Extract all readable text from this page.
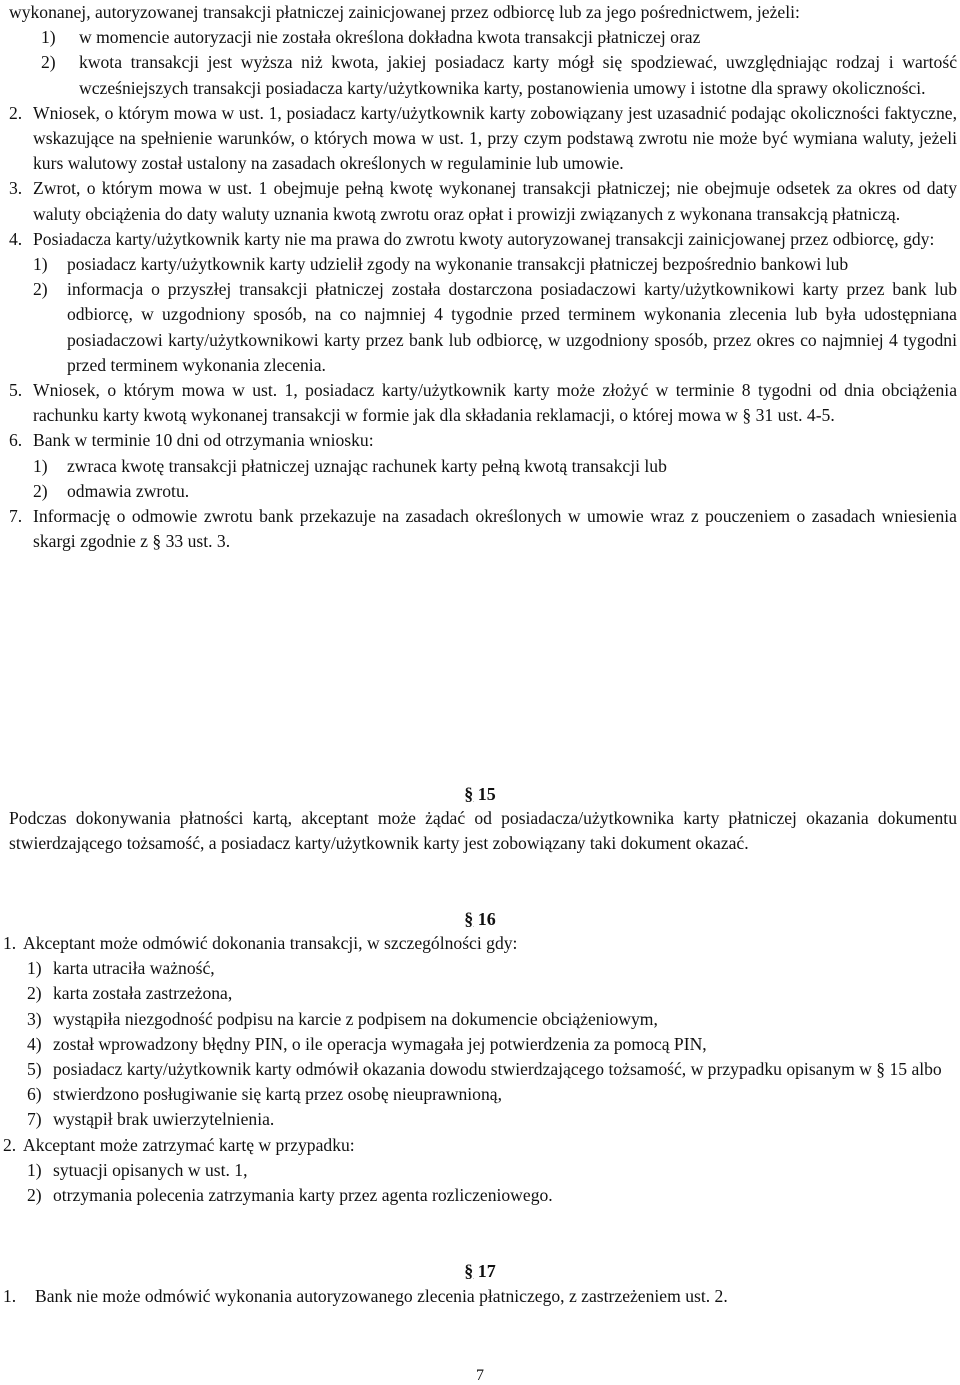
wykonanej, autoryzowanej transakcji płatniczej zainicjowanej przez odbiorcę lub za jego pośrednictwem, jeżeli:
1)	w momencie autoryzacji nie została określona dokładna kwota transakcji płatniczej oraz
2)	kwota transakcji jest wyższa niż kwota, jakiej posiadacz karty mógł się spodziewać, uwzględniając rodzaj i wartość wcześniejszych transakcji posiadacza karty/użytkownika karty, postanowienia umowy i istotne dla sprawy okoliczności.
2. Wniosek, o którym mowa w ust. 1, posiadacz karty/użytkownik karty zobowiązany jest uzasadnić podając okoliczności faktyczne, wskazujące na spełnienie warunków, o których mowa w ust. 1, przy czym podstawą zwrotu nie może być wymiana waluty, jeżeli kurs walutowy został ustalony na zasadach określonych w regulaminie lub umowie.
3. Zwrot, o którym mowa w ust. 1 obejmuje pełną kwotę wykonanej transakcji płatniczej; nie obejmuje odsetek za okres od daty waluty obciążenia do daty waluty uznania kwotą zwrotu oraz opłat i prowizji związanych z wykonana transakcją płatniczą.
4. Posiadacza karty/użytkownik karty nie ma prawa do zwrotu kwoty autoryzowanej transakcji zainicjowanej przez odbiorcę, gdy:
1)	posiadacz karty/użytkownik karty udzielił zgody na wykonanie transakcji płatniczej bezpośrednio bankowi lub
2)	informacja o przyszłej transakcji płatniczej została dostarczona posiadaczowi karty/użytkownikowi karty przez bank lub odbiorcę, w uzgodniony sposób, na co najmniej 4 tygodnie przed terminem wykonania zlecenia lub była udostępniana posiadaczowi karty/użytkownikowi karty przez bank lub odbiorcę, w uzgodniony sposób, przez okres co najmniej 4 tygodni przed terminem wykonania zlecenia.
5. Wniosek, o którym mowa w ust. 1, posiadacz karty/użytkownik karty może złożyć w terminie 8 tygodni od dnia obciążenia rachunku karty kwotą wykonanej transakcji w formie jak dla składania reklamacji, o której mowa w § 31 ust. 4-5.
6. Bank w terminie 10 dni od otrzymania wniosku:
1)	zwraca kwotę transakcji płatniczej uznając rachunek karty pełną kwotą transakcji lub
2)	odmawia zwrotu.
7. Informację o odmowie zwrotu bank przekazuje na zasadach określonych w umowie wraz z pouczeniem o zasadach wniesienia skargi zgodnie z § 33 ust. 3.
§ 15
Podczas dokonywania płatności kartą, akceptant może żądać od posiadacza/użytkownika karty płatniczej okazania dokumentu stwierdzającego tożsamość, a posiadacz karty/użytkownik karty jest zobowiązany taki dokument okazać.
§ 16
1. Akceptant może odmówić dokonania transakcji, w szczególności gdy:
1) karta utraciła ważność,
2) karta została zastrzeżona,
3) wystąpiła niezgodność podpisu na karcie z podpisem na dokumencie obciążeniowym,
4) został wprowadzony błędny PIN, o ile operacja wymagała jej potwierdzenia za pomocą PIN,
5) posiadacz karty/użytkownik karty odmówił okazania dowodu stwierdzającego tożsamość, w przypadku opisanym w § 15 albo
6) stwierdzono posługiwanie się kartą przez osobę nieuprawnioną,
7) wystąpił brak uwierzytelnienia.
2. Akceptant może zatrzymać kartę w przypadku:
1) sytuacji opisanych w ust. 1,
2) otrzymania polecenia zatrzymania karty przez agenta rozliczeniowego.
§ 17
1.	Bank nie może odmówić wykonania autoryzowanego zlecenia płatniczego, z zastrzeżeniem ust. 2.
7
